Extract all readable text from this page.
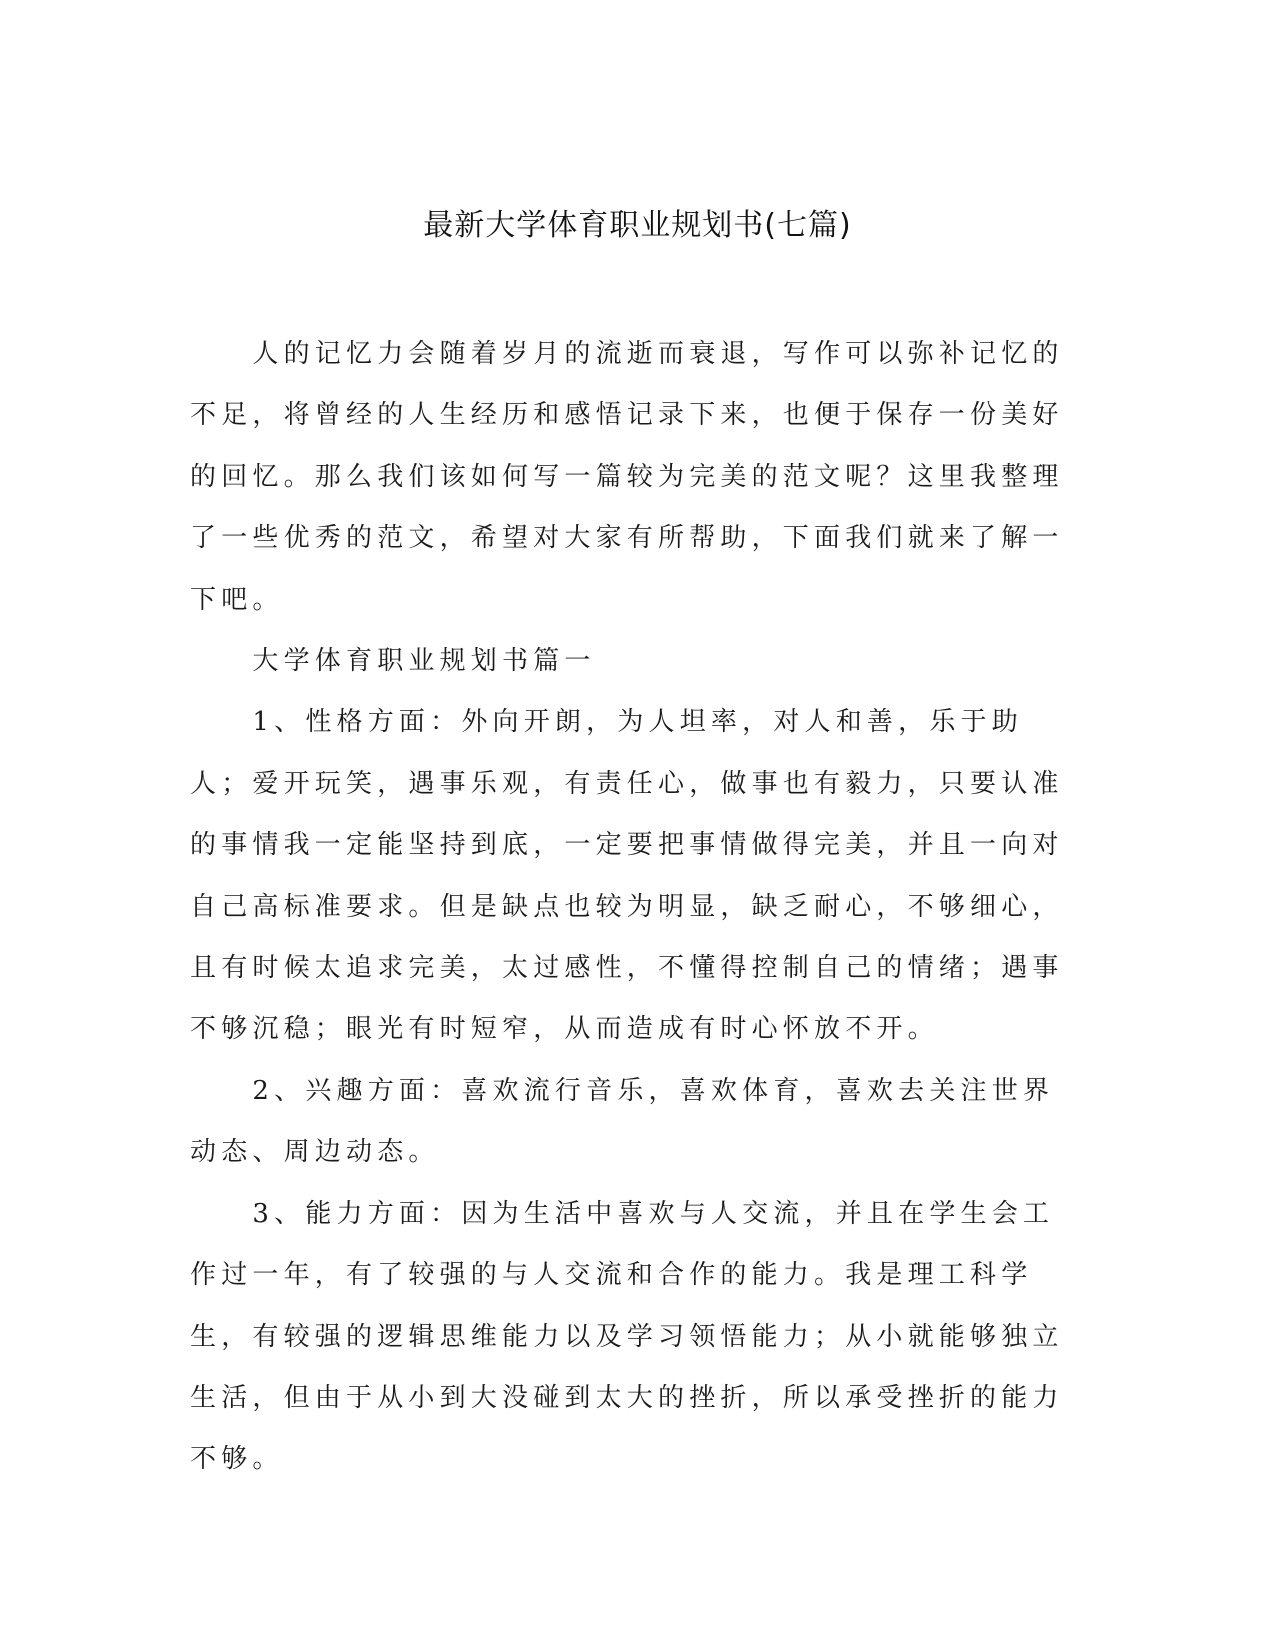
最新大学体育职业规划书(七篇)

人的记忆力会随着岁月的流逝而衰退，写作可以弥补记忆的不足，将曾经的人生经历和感悟记录下来，也便于保存一份美好的回忆。那么我们该如何写一篇较为完美的范文呢？这里我整理了一些优秀的范文，希望对大家有所帮助，下面我们就来了解一下吧。

大学体育职业规划书篇一

1、性格方面：外向开朗，为人坦率，对人和善，乐于助人；爱开玩笑，遇事乐观，有责任心，做事也有毅力，只要认准的事情我一定能坚持到底，一定要把事情做得完美，并且一向对自己高标准要求。但是缺点也较为明显，缺乏耐心，不够细心，且有时候太追求完美，太过感性，不懂得控制自己的情绪；遇事不够沉稳；眼光有时短窄，从而造成有时心怀放不开。

2、兴趣方面：喜欢流行音乐，喜欢体育，喜欢去关注世界动态、周边动态。

3、能力方面：因为生活中喜欢与人交流，并且在学生会工作过一年，有了较强的与人交流和合作的能力。我是理工科学生，有较强的逻辑思维能力以及学习领悟能力；从小就能够独立生活，但由于从小到大没碰到太大的挫折，所以承受挫折的能力不够。
